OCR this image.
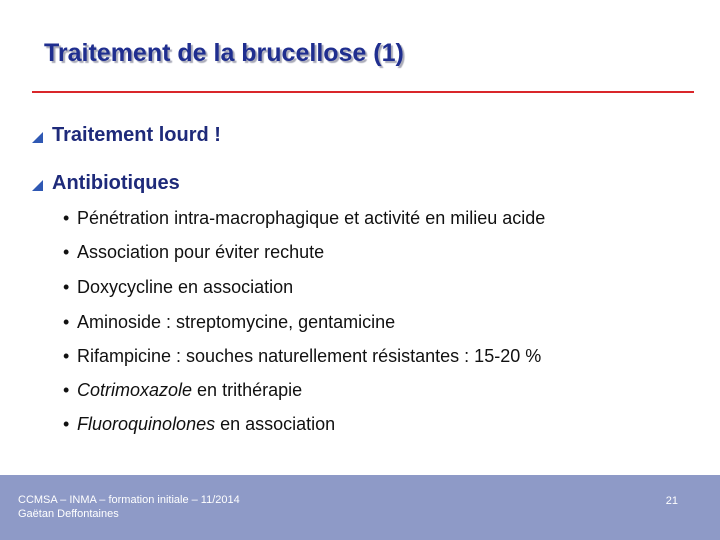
Traitement de la brucellose (1)
Traitement lourd !
Antibiotiques
• Pénétration intra-macrophagique et activité en milieu acide
• Association pour éviter rechute
• Doxycycline en association
• Aminoside : streptomycine, gentamicine
• Rifampicine : souches naturellement résistantes : 15-20 %
• Cotrimoxazole en trithérapie
• Fluoroquinolones en association
CCMSA – INMA – formation initiale – 11/2014
Gaëtan Deffontaines
21
